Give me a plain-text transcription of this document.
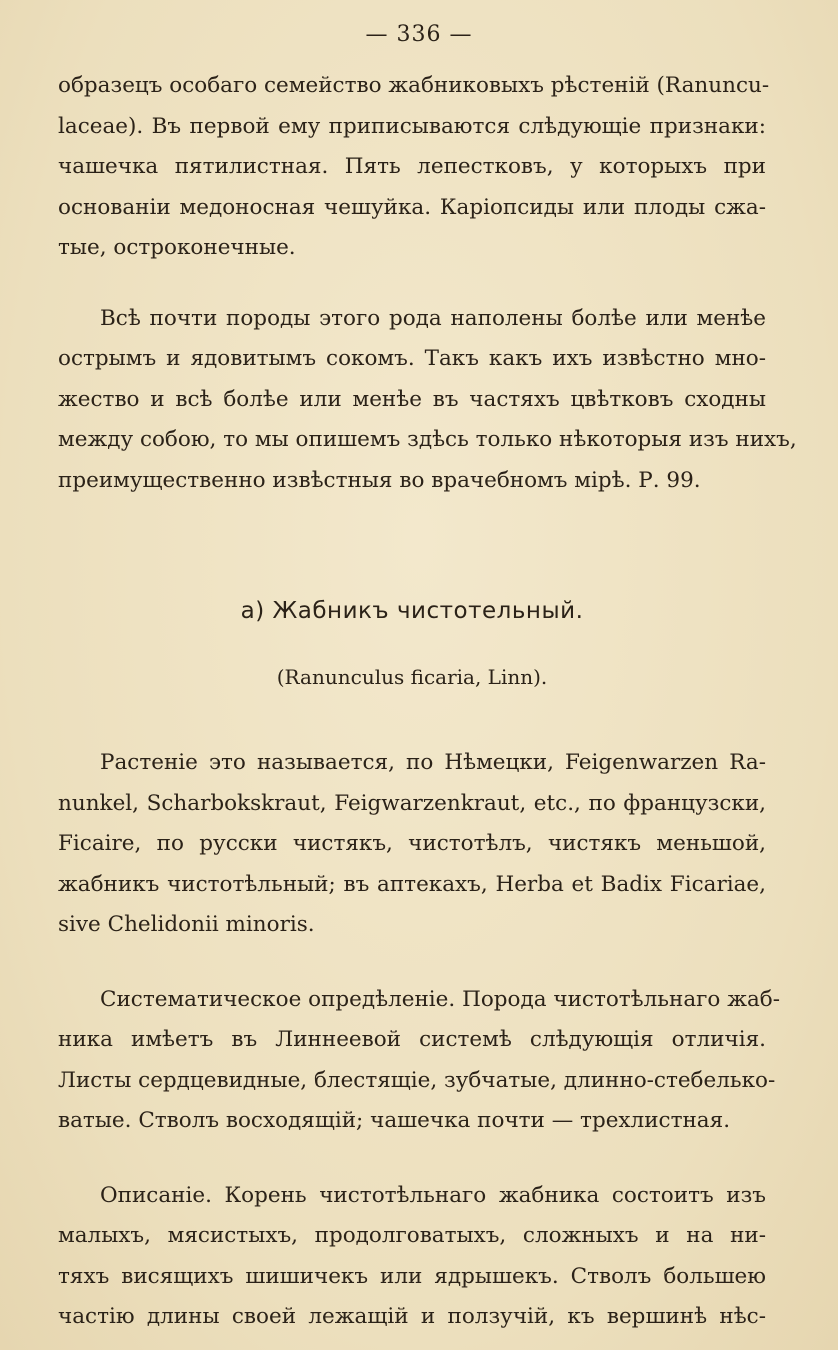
— 336 —

образецъ особаго семейство жабниковыхъ рѣстеній (Ranuncu-
laceae). Въ первой ему приписываются слѣдующіе признаки:
чашечка пятилистная. Пять лепестковъ, у которыхъ при
основаніи медоносная чешуйка. Каріопсиды или плоды сжа-
тые, остроконечные.

Всѣ почти породы этого рода наполены болѣе или менѣе
острымъ и ядовитымъ сокомъ. Такъ какъ ихъ извѣстно мно-
жество и всѣ болѣе или менѣе въ частяхъ цвѣтковъ сходны
между собою, то мы опишемъ здѣсь только нѣкоторыя изъ нихъ,
преимущественно извѣстныя во врачебномъ мірѣ. Р. 99.

а) Жабникъ чистотельный.
(Ranunculus ficaria, Linn).

Растеніе это называется, по Нѣмецки, Feigenwarzen Ra-
nunkel, Scharbokskraut, Feigwarzenkraut, etc., по французски,
Ficaire, по русски чистякъ, чистотѣлъ, чистякъ меньшой,
жабникъ чистотѣльный; въ аптекахъ, Herba et Badix Ficariae,
sive Chelidonii minoris.

Систематическое опредѣленіе. Порода чистотѣльнаго жаб-
ника имѣетъ въ Линнеевой системѣ слѣдующія отличія.
Листы сердцевидные, блестящіе, зубчатые, длинно-стебелько-
ватые. Стволъ восходящій; чашечка почти — трехлистная.

Описаніе. Корень чистотѣльнаго жабника состоитъ изъ
малыхъ, мясистыхъ, продолговатыхъ, сложныхъ и на ни-
тяхъ висящихъ шишичекъ или ядрышекъ. Стволъ большею
частію длины своей лежащій и ползучій, къ вершинѣ нѣс-
